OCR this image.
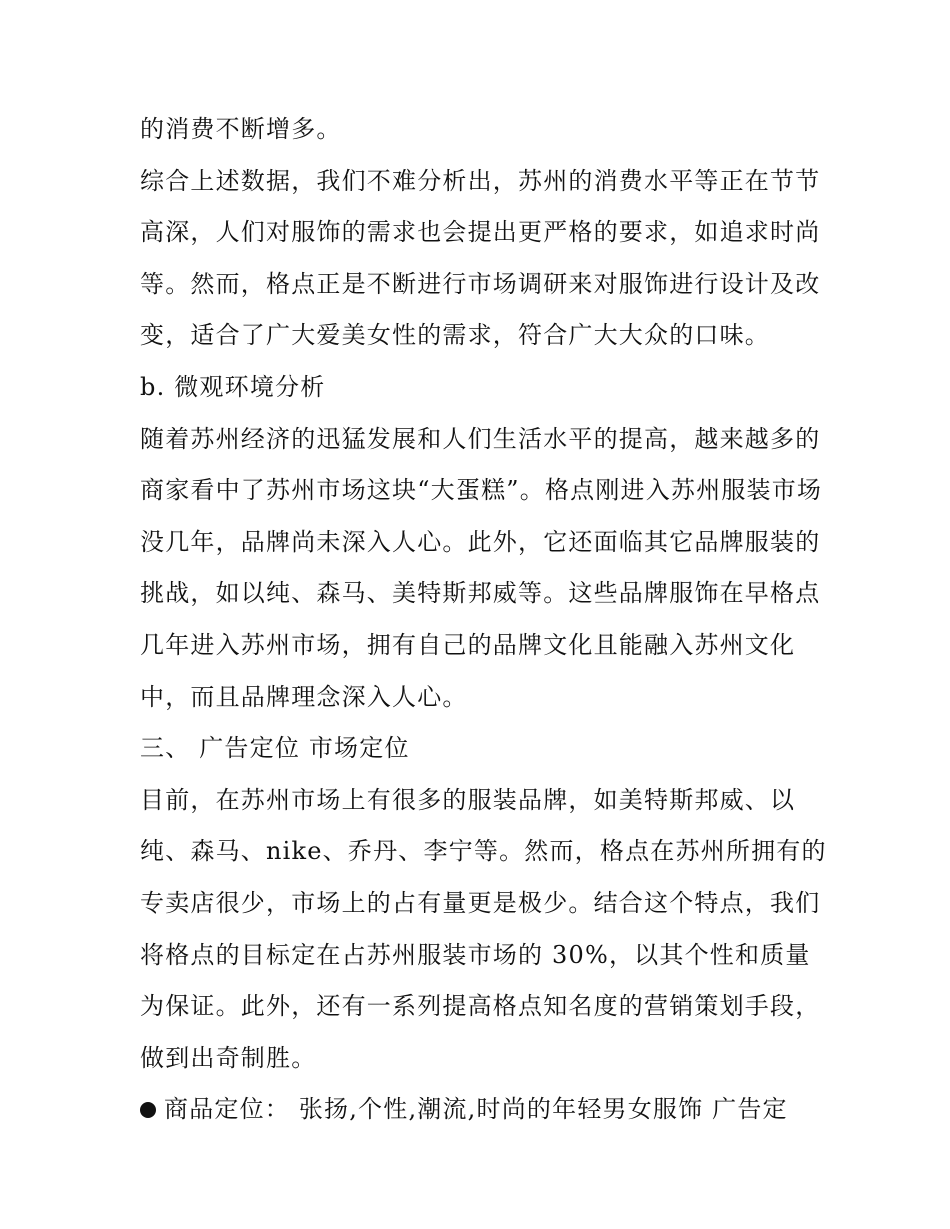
的消费不断增多。
综合上述数据，我们不难分析出，苏州的消费水平等正在节节
高深，人们对服饰的需求也会提出更严格的要求，如追求时尚
等。然而，格点正是不断进行市场调研来对服饰进行设计及改
变，适合了广大爱美女性的需求，符合广大大众的口味。
b. 微观环境分析
随着苏州经济的迅猛发展和人们生活水平的提高，越来越多的
商家看中了苏州市场这块“大蛋糕”。格点刚进入苏州服装市场
没几年，品牌尚未深入人心。此外，它还面临其它品牌服装的
挑战，如以纯、森马、美特斯邦威等。这些品牌服饰在早格点
几年进入苏州市场，拥有自己的品牌文化且能融入苏州文化
中，而且品牌理念深入人心。
三、 广告定位 市场定位
目前，在苏州市场上有很多的服装品牌，如美特斯邦威、以
纯、森马、nike、乔丹、李宁等。然而，格点在苏州所拥有的
专卖店很少，市场上的占有量更是极少。结合这个特点，我们
将格点的目标定在占苏州服装市场的 30%，以其个性和质量
为保证。此外，还有一系列提高格点知名度的营销策划手段，
做到出奇制胜。
商品定位： 张扬,个性,潮流,时尚的年轻男女服饰 广告定
